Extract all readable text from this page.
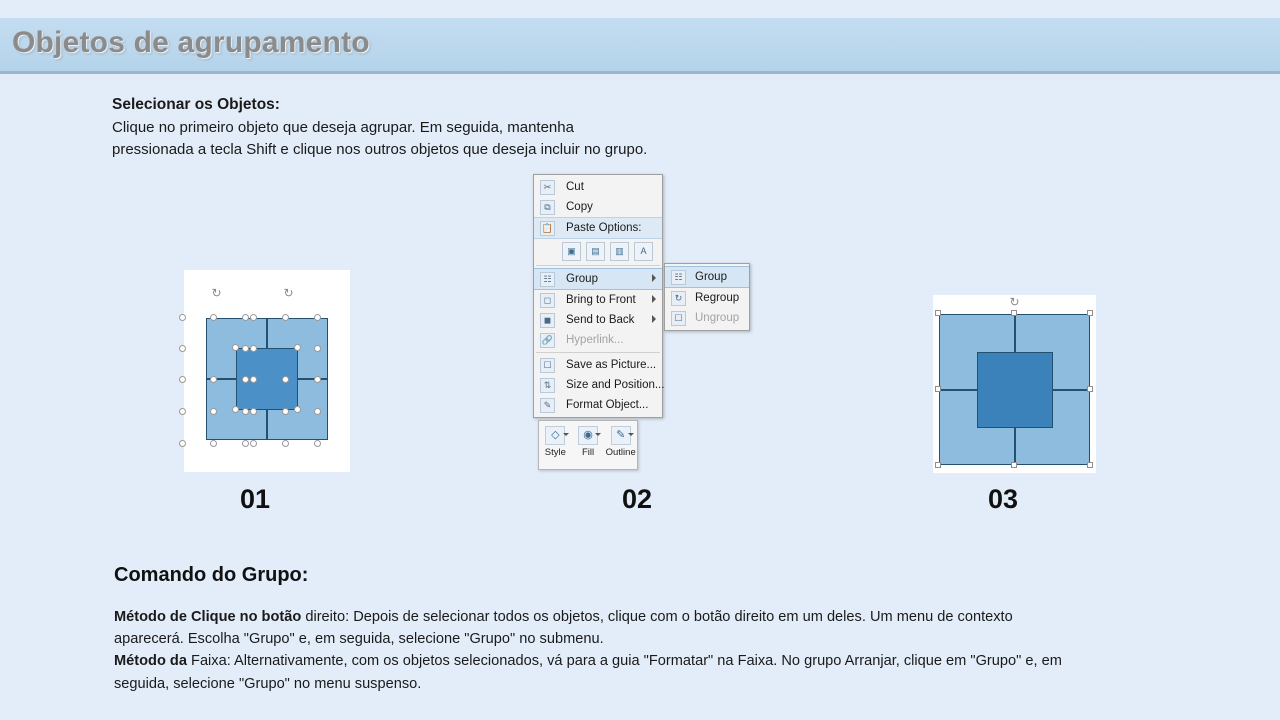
Objetos de agrupamento
Selecionar os Objetos:
Clique no primeiro objeto que deseja agrupar. Em seguida, mantenha
pressionada a tecla Shift e clique nos outros objetos que deseja incluir no grupo.
↻	↻
01
✂	Cut
⧉	Copy
📋 Paste Options:
▣	▤	▥	A
☷	Group
◻	Bring to Front
◼	Send to Back
🔗 Hyperlink...
☐	Save as Picture...
⇅	Size and Position...
✎	Format Object...
☷	Group
↻	Regroup
☐	Ungroup
◇
Style
◉
Fill
✎
Outline
02
↻
03
Comando do Grupo:
Método de Clique no botão direito: Depois de selecionar todos os objetos, clique com o botão direito em um deles. Um menu de contexto aparecerá. Escolha "Grupo" e, em seguida, selecione "Grupo" no submenu.
Método da Faixa: Alternativamente, com os objetos selecionados, vá para a guia "Formatar" na Faixa. No grupo Arranjar, clique em "Grupo" e, em seguida, selecione "Grupo" no menu suspenso.
